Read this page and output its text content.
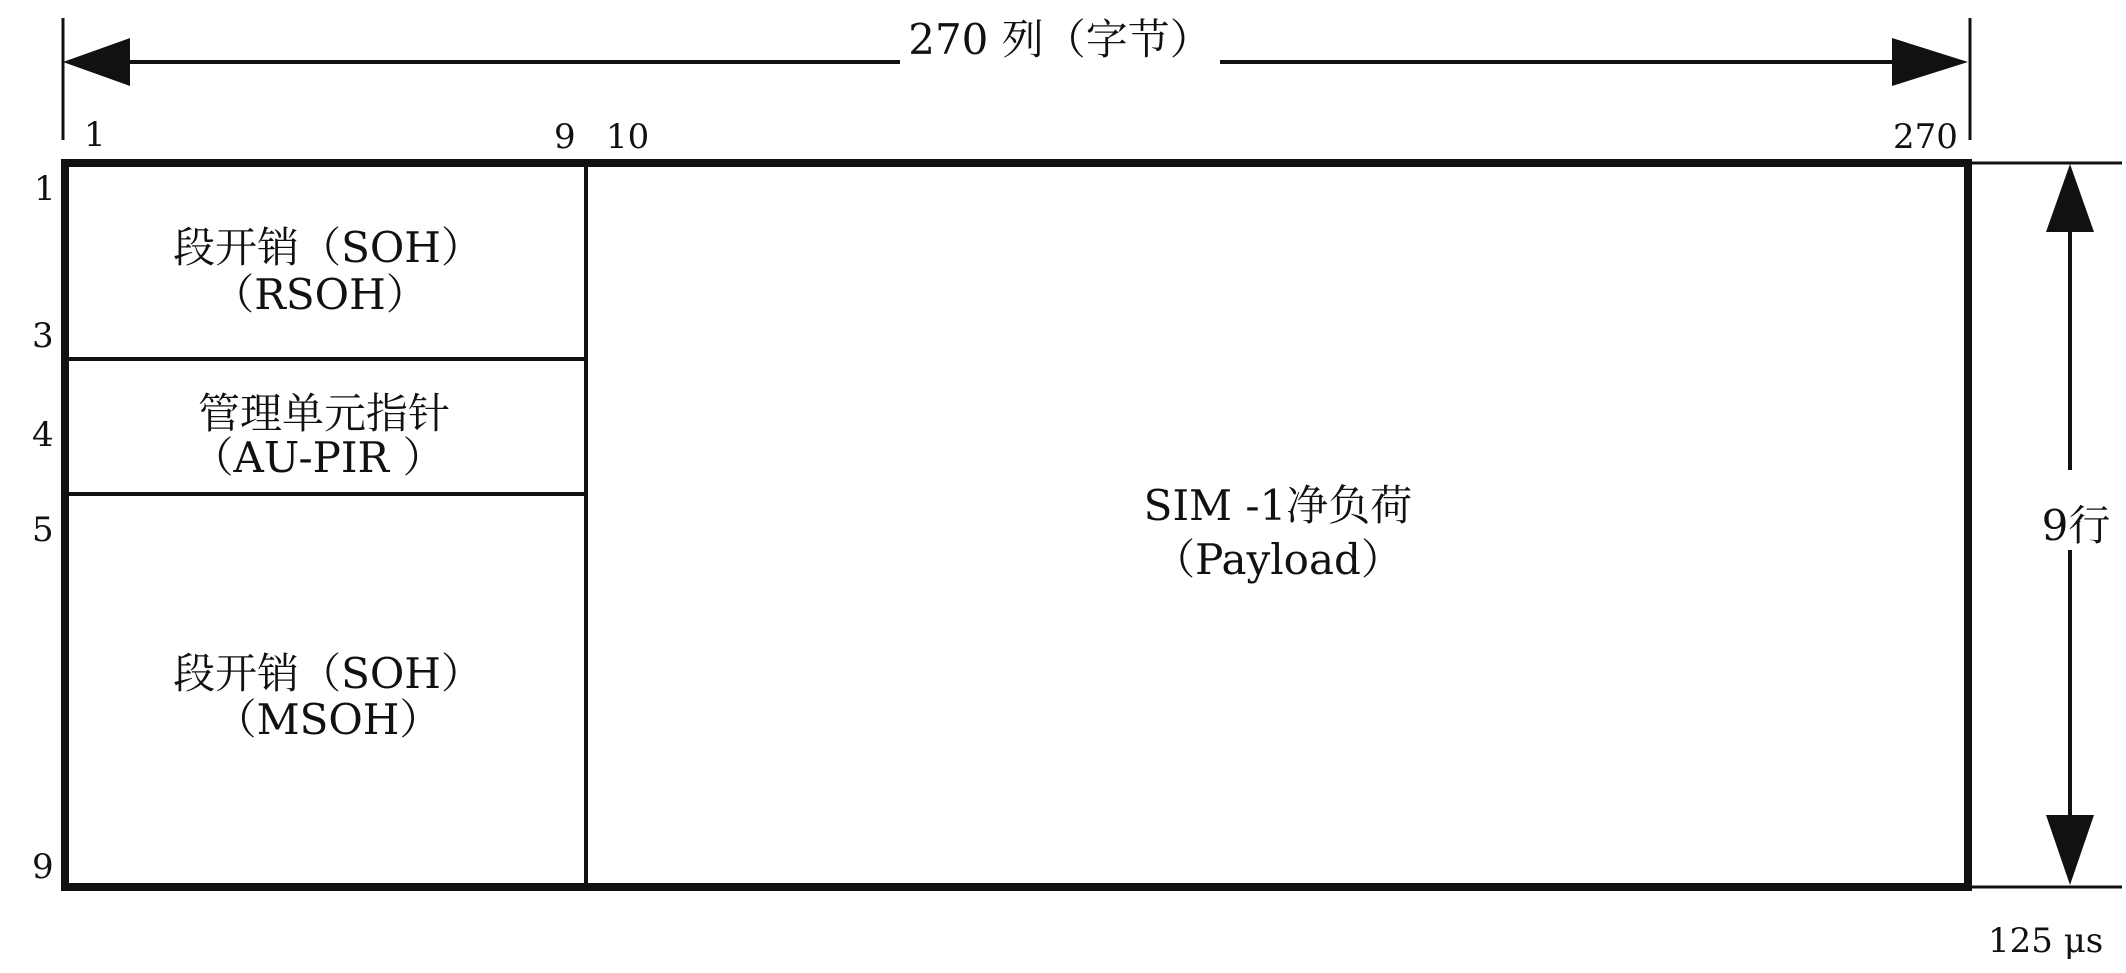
270 列（字节）
1	9 10	270
1
3
4
5
9
段开销（SOH）
（RSOH）
管理单元指针
（AU-PIR ）
段开销（SOH）
（MSOH）
SIM -1净负荷
（Payload）
9行
125 μs
